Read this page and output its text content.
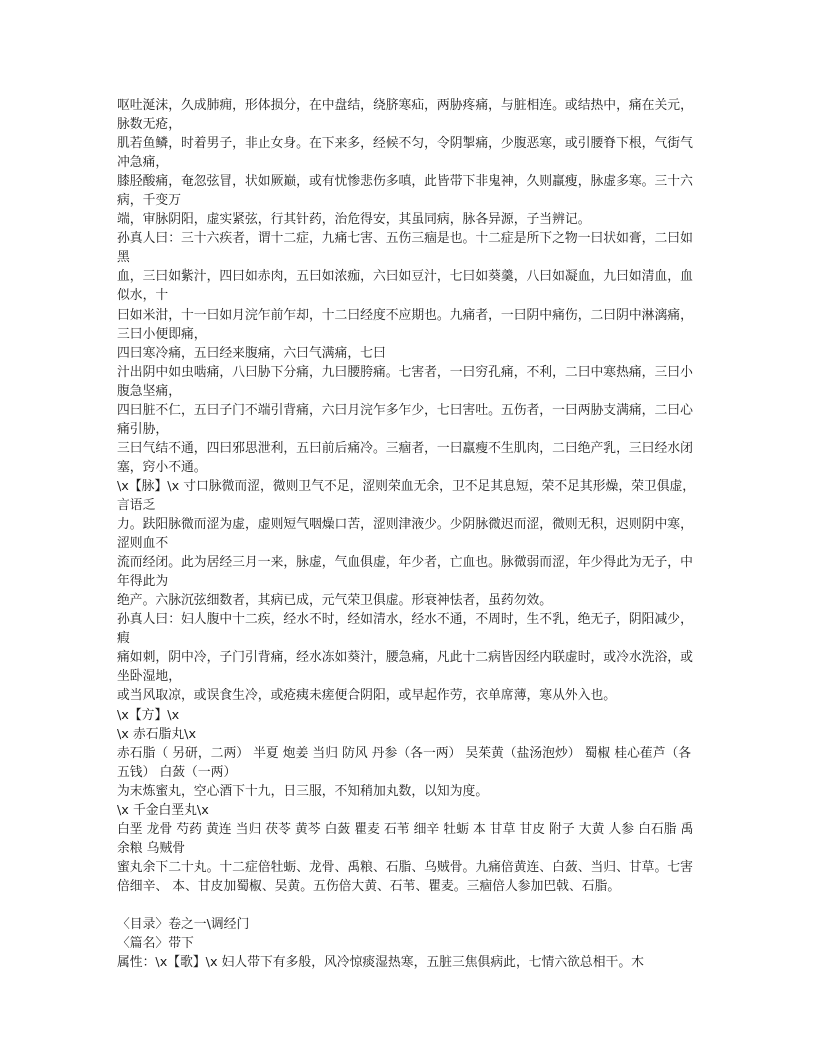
呕吐涎沫，久成肺痈，形体损分，在中盘结，绕脐寒疝，两胁疼痛，与脏相连。或结热中，痛在关元，脉数无疮，

肌若鱼鳞，时着男子，非止女身。在下来多，经候不匀，令阴掣痛，少腹恶寒，或引腰脊下根，气街气冲急痛，

膝胫酸痛，奄忽弦冒，状如厥巅，或有忧惨悲伤多嗔，此皆带下非鬼神，久则羸瘦，脉虚多寒。三十六病，千变万

端，审脉阴阳，虚实紧弦，行其针药，治危得安，其虽同病，脉各异源，子当辨记。

孙真人曰：三十六疾者，谓十二症，九痛七害、五伤三痼是也。十二症是所下之物一曰状如膏，二曰如黑

血，三曰如紫汁，四曰如赤肉，五曰如浓痂，六曰如豆汁，七曰如葵羹，八曰如凝血，九曰如清血，血似水，十

曰如米泔，十一曰如月浣乍前乍却，十二曰经度不应期也。九痛者，一曰阴中痛伤，二曰阴中淋漓痛，三曰小便即痛，

四曰寒冷痛，五曰经来腹痛，六曰气满痛，七曰

汁出阴中如虫啮痛，八曰胁下分痛，九曰腰胯痛。七害者，一曰穷孔痛，不利，二曰中寒热痛，三曰小腹急坚痛，

四曰脏不仁，五曰子门不端引背痛，六曰月浣乍多乍少，七曰害吐。五伤者，一曰两胁支满痛，二曰心痛引胁，

三曰气结不通，四曰邪思泄利，五曰前后痛冷。三痼者，一曰羸瘦不生肌肉，二曰绝产乳，三曰经水闭塞，窍小不通。

\x【脉】\x 寸口脉微而涩，微则卫气不足，涩则荣血无余，卫不足其息短，荣不足其形燥，荣卫俱虚，言语乏

力。趺阳脉微而涩为虚，虚则短气咽燥口苦，涩则津液少。少阴脉微迟而涩，微则无积，迟则阴中寒，涩则血不

流而经闭。此为居经三月一来，脉虚，气血俱虚，年少者，亡血也。脉微弱而涩，年少得此为无子，中年得此为

绝产。六脉沉弦细数者，其病已成，元气荣卫俱虚。形衰神怯者，虽药勿效。

孙真人曰：妇人腹中十二疾，经水不时，经如清水，经水不通，不周时，生不乳，绝无子，阴阳减少，瘕

痛如刺，阴中冷，子门引背痛，经水冻如葵汁，腰急痛，凡此十二病皆因经内联虚时，或冷水洗浴，或坐卧湿地，

或当风取凉，或误食生冷，或疮痍未瘥便合阴阳，或早起作劳，衣单席薄，寒从外入也。

\x【方】\x

\x 赤石脂丸\x

赤石脂（ 另研，二两） 半夏 炮姜 当归 防风 丹参（各一两） 吴茱黄（盐汤泡炒） 蜀椒 桂心萑芦（各五钱） 白蔹（一两）

为末炼蜜丸，空心酒下十九，日三服，不知稍加丸数，以知为度。

\x 千金白垩丸\x

白垩 龙骨 芍药 黄连 当归 茯苓 黄芩 白蔹 瞿麦 石苇 细辛 牡蛎 本 甘草 甘皮 附子 大黄 人参 白石脂 禹余粮 乌贼骨

蜜丸余下二十丸。十二症倍牡蛎、龙骨、禹粮、石脂、乌贼骨。九痛倍黄连、白蔹、当归、甘草。七害

倍细辛、 本、甘皮加蜀椒、吴黄。五伤倍大黄、石苇、瞿麦。三痼倍人参加巴戟、石脂。

〈目录〉卷之一\调经门

〈篇名〉带下

属性：\x【歌】\x 妇人带下有多般，风冷惊痰湿热寒，五脏三焦俱病此，七情六欲总相干。木
